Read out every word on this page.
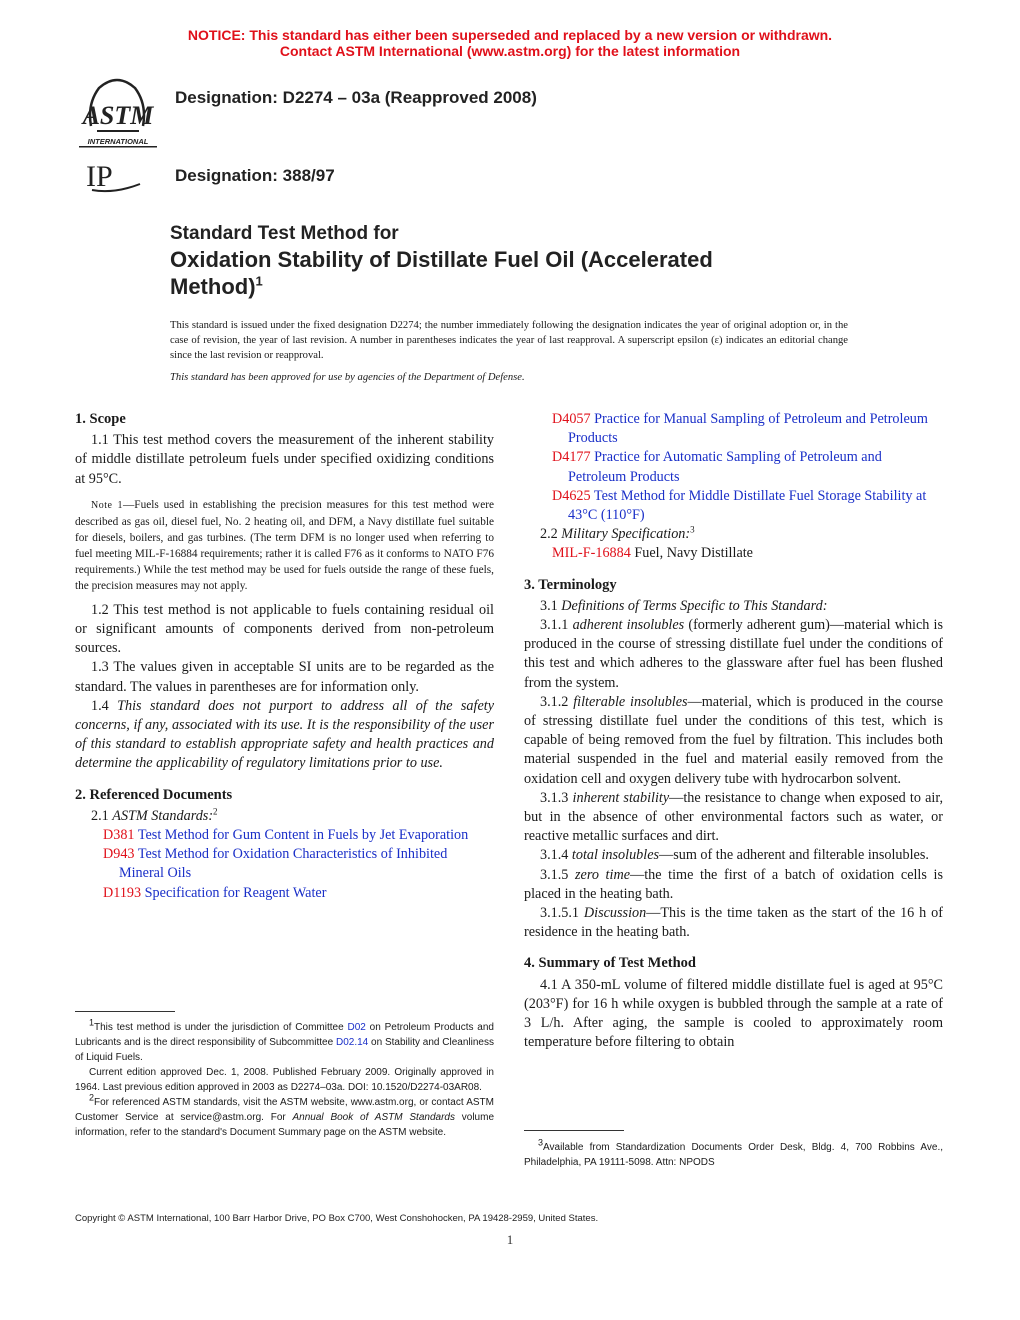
NOTICE: This standard has either been superseded and replaced by a new version or withdrawn.
Contact ASTM International (www.astm.org) for the latest information
ASTM
INTERNATIONAL
IP
Designation: D2274 – 03a (Reapproved 2008)
Designation: 388/97
Standard Test Method for
Oxidation Stability of Distillate Fuel Oil (Accelerated Method)$^1$
This standard is issued under the fixed designation D2274; the number immediately following the designation indicates the year of original adoption or, in the case of revision, the year of last revision. A number in parentheses indicates the year of last reapproval. A superscript epsilon (ε) indicates an editorial change since the last revision or reapproval.
This standard has been approved for use by agencies of the Department of Defense.
1. Scope

1.1 This test method covers the measurement of the inherent stability of middle distillate petroleum fuels under specified oxidizing conditions at 95°C.

Note 1—Fuels used in establishing the precision measures for this test method were described as gas oil, diesel fuel, No. 2 heating oil, and DFM, a Navy distillate fuel suitable for diesels, boilers, and gas turbines. (The term DFM is no longer used when referring to fuel meeting MIL-F-16884 requirements; rather it is called F76 as it conforms to NATO F76 requirements.) While the test method may be used for fuels outside the range of these fuels, the precision measures may not apply.

1.2 This test method is not applicable to fuels containing residual oil or significant amounts of components derived from non-petroleum sources.

1.3 The values given in acceptable SI units are to be regarded as the standard. The values in parentheses are for information only.

1.4 This standard does not purport to address all of the safety concerns, if any, associated with its use. It is the responsibility of the user of this standard to establish appropriate safety and health practices and determine the applicability of regulatory limitations prior to use.

2. Referenced Documents

2.1 ASTM Standards:$^2$

D381 Test Method for Gum Content in Fuels by Jet Evaporation

D943 Test Method for Oxidation Characteristics of Inhibited Mineral Oils

D1193 Specification for Reagent Water

D4057 Practice for Manual Sampling of Petroleum and Petroleum Products

D4177 Practice for Automatic Sampling of Petroleum and Petroleum Products

D4625 Test Method for Middle Distillate Fuel Storage Stability at 43°C (110°F)

2.2 Military Specification:$^3$

MIL-F-16884 Fuel, Navy Distillate

3. Terminology

3.1 Definitions of Terms Specific to This Standard:

3.1.1 adherent insolubles (formerly adherent gum)—material which is produced in the course of stressing distillate fuel under the conditions of this test and which adheres to the glassware after fuel has been flushed from the system.

3.1.2 filterable insolubles—material, which is produced in the course of stressing distillate fuel under the conditions of this test, which is capable of being removed from the fuel by filtration. This includes both material suspended in the fuel and material easily removed from the oxidation cell and oxygen delivery tube with hydrocarbon solvent.

3.1.3 inherent stability—the resistance to change when exposed to air, but in the absence of other environmental factors such as water, or reactive metallic surfaces and dirt.

3.1.4 total insolubles—sum of the adherent and filterable insolubles.

3.1.5 zero time—the time the first of a batch of oxidation cells is placed in the heating bath.

3.1.5.1 Discussion—This is the time taken as the start of the 16 h of residence in the heating bath.

4. Summary of Test Method

4.1 A 350-mL volume of filtered middle distillate fuel is aged at 95°C (203°F) for 16 h while oxygen is bubbled through the sample at a rate of 3 L/h. After aging, the sample is cooled to approximately room temperature before filtering to obtain

$^1$This test method is under the jurisdiction of Committee D02 on Petroleum Products and Lubricants and is the direct responsibility of Subcommittee D02.14 on Stability and Cleanliness of Liquid Fuels.

Current edition approved Dec. 1, 2008. Published February 2009. Originally approved in 1964. Last previous edition approved in 2003 as D2274–03a. DOI: 10.1520/D2274-03AR08.

$^2$For referenced ASTM standards, visit the ASTM website, www.astm.org, or contact ASTM Customer Service at service@astm.org. For Annual Book of ASTM Standards volume information, refer to the standard's Document Summary page on the ASTM website.

$^3$Available from Standardization Documents Order Desk, Bldg. 4, 700 Robbins Ave., Philadelphia, PA 19111-5098. Attn: NPODS

Copyright © ASTM International, 100 Barr Harbor Drive, PO Box C700, West Conshohocken, PA 19428-2959, United States.
1
